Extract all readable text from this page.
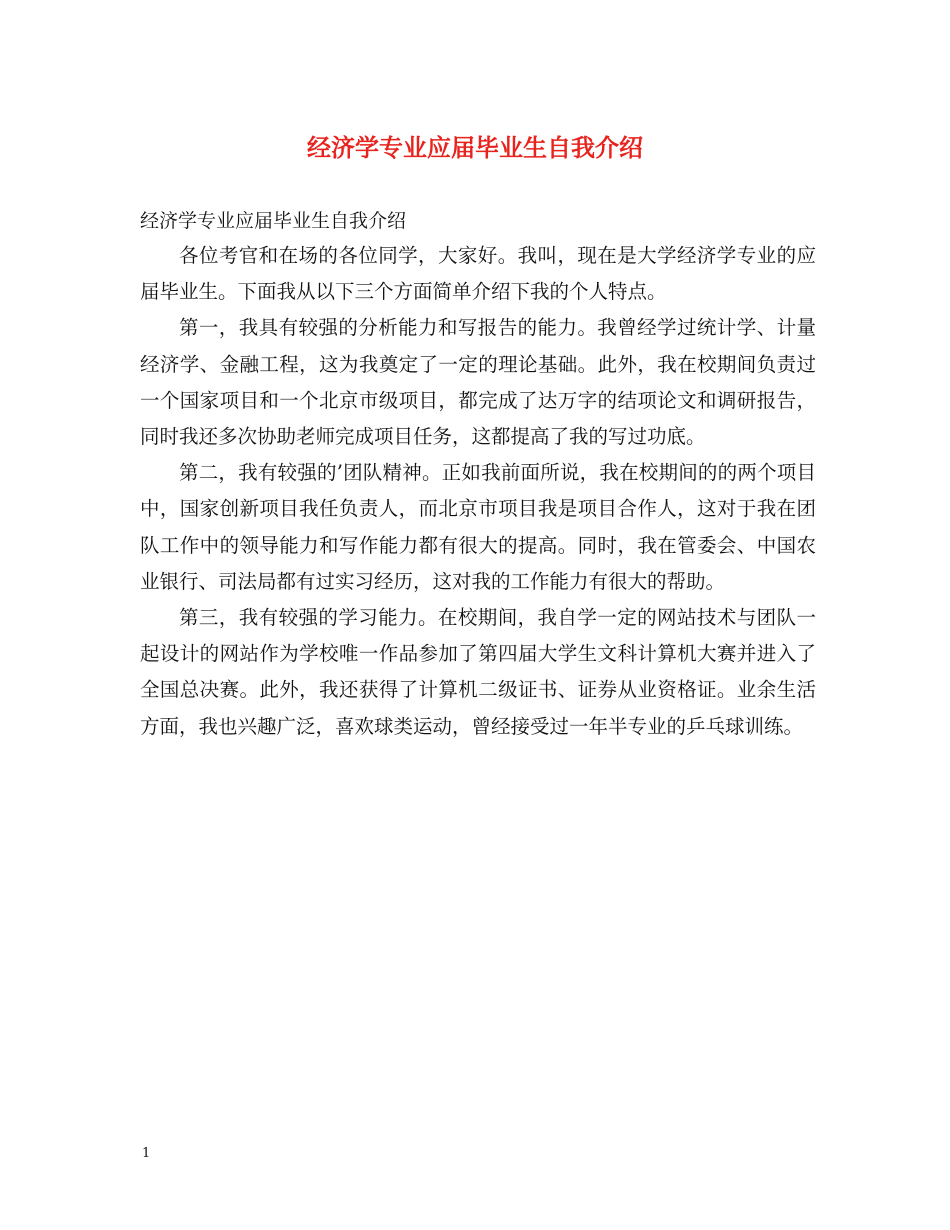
经济学专业应届毕业生自我介绍

经济学专业应届毕业生自我介绍

各位考官和在场的各位同学，大家好。我叫，现在是大学经济学专业的应届毕业生。下面我从以下三个方面简单介绍下我的个人特点。

第一，我具有较强的分析能力和写报告的能力。我曾经学过统计学、计量经济学、金融工程，这为我奠定了一定的理论基础。此外，我在校期间负责过一个国家项目和一个北京市级项目，都完成了达万字的结项论文和调研报告，同时我还多次协助老师完成项目任务，这都提高了我的写过功底。

第二，我有较强的’团队精神。正如我前面所说，我在校期间的的两个项目中，国家创新项目我任负责人，而北京市项目我是项目合作人，这对于我在团队工作中的领导能力和写作能力都有很大的提高。同时，我在管委会、中国农业银行、司法局都有过实习经历，这对我的工作能力有很大的帮助。

第三，我有较强的学习能力。在校期间，我自学一定的网站技术与团队一起设计的网站作为学校唯一作品参加了第四届大学生文科计算机大赛并进入了全国总决赛。此外，我还获得了计算机二级证书、证券从业资格证。业余生活方面，我也兴趣广泛，喜欢球类运动，曾经接受过一年半专业的乒乓球训练。

1
